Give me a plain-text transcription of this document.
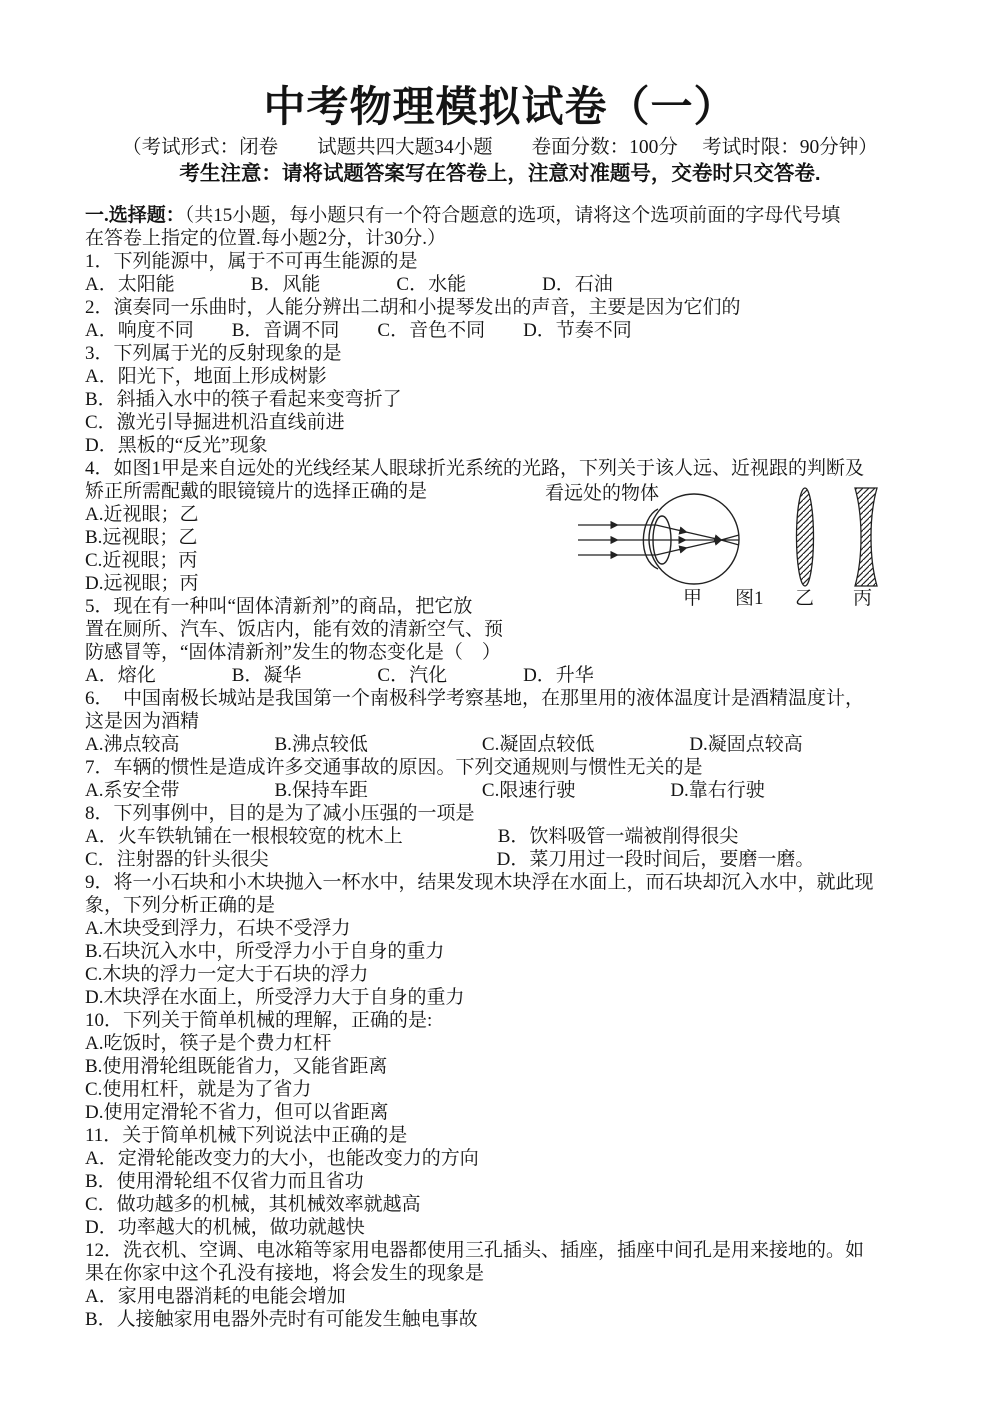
中考物理模拟试卷（一）
（考试形式：闭卷　　试题共四大题34小题　　卷面分数：100分　 考试时限：90分钟）
考生注意：请将试题答案写在答卷上，注意对准题号，交卷时只交答卷.
一.选择题：（共15小题，每小题只有一个符合题意的选项，请将这个选项前面的字母代号填
在答卷上指定的位置.每小题2分，计30分.）
1．下列能源中，属于不可再生能源的是
A．太阳能　　　　B．风能　　　　C．水能　　　　D．石油
2．演奏同一乐曲时，人能分辨出二胡和小提琴发出的声音，主要是因为它们的
A．响度不同　　B．音调不同　　C．音色不同　　D．节奏不同
3．下列属于光的反射现象的是
A．阳光下，地面上形成树影
B．斜插入水中的筷子看起来变弯折了
C．激光引导掘进机沿直线前进
D．黑板的“反光”现象
4．如图1甲是来自远处的光线经某人眼球折光系统的光路，下列关于该人远、近视跟的判断及
矫正所需配戴的眼镜镜片的选择正确的是
A.近视眼；乙
B.远视眼；乙
C.近视眼；丙
D.远视眼；丙
5．现在有一种叫“固体清新剂”的商品，把它放
置在厕所、汽车、饭店内，能有效的清新空气、预
防感冒等，“固体清新剂”发生的物态变化是（　）
A．熔化　　　　B．凝华　　　　C．汽化　　　　D．升华
6．　中国南极长城站是我国第一个南极科学考察基地，在那里用的液体温度计是酒精温度计，
这是因为酒精
A.沸点较高　　　　　B.沸点较低　　　　　　C.凝固点较低　　　　　D.凝固点较高
7．车辆的惯性是造成许多交通事故的原因。下列交通规则与惯性无关的是
A.系安全带　　　　　B.保持车距　　　　　　C.限速行驶　　　　　D.靠右行驶
8．下列事例中，目的是为了减小压强的一项是
A．火车铁轨铺在一根根较宽的枕木上　　　　　B．饮料吸管一端被削得很尖
C．注射器的针头很尖　　　　　　　　　　　　D．菜刀用过一段时间后，要磨一磨。
9．将一小石块和小木块抛入一杯水中，结果发现木块浮在水面上，而石块却沉入水中，就此现
象，下列分析正确的是
A.木块受到浮力，石块不受浮力
B.石块沉入水中，所受浮力小于自身的重力
C.木块的浮力一定大于石块的浮力
D.木块浮在水面上，所受浮力大于自身的重力
10．下列关于简单机械的理解，正确的是:
A.吃饭时，筷子是个费力杠杆
B.使用滑轮组既能省力，又能省距离
C.使用杠杆，就是为了省力
D.使用定滑轮不省力，但可以省距离
11．关于简单机械下列说法中正确的是
A．定滑轮能改变力的大小，也能改变力的方向
B．使用滑轮组不仅省力而且省功
C．做功越多的机械，其机械效率就越高
D．功率越大的机械，做功就越快
12．洗衣机、空调、电冰箱等家用电器都使用三孔插头、插座，插座中间孔是用来接地的。如
果在你家中这个孔没有接地，将会发生的现象是
A．家用电器消耗的电能会增加
B．人接触家用电器外壳时有可能发生触电事故
看远处的物体
甲 图1 乙 丙
